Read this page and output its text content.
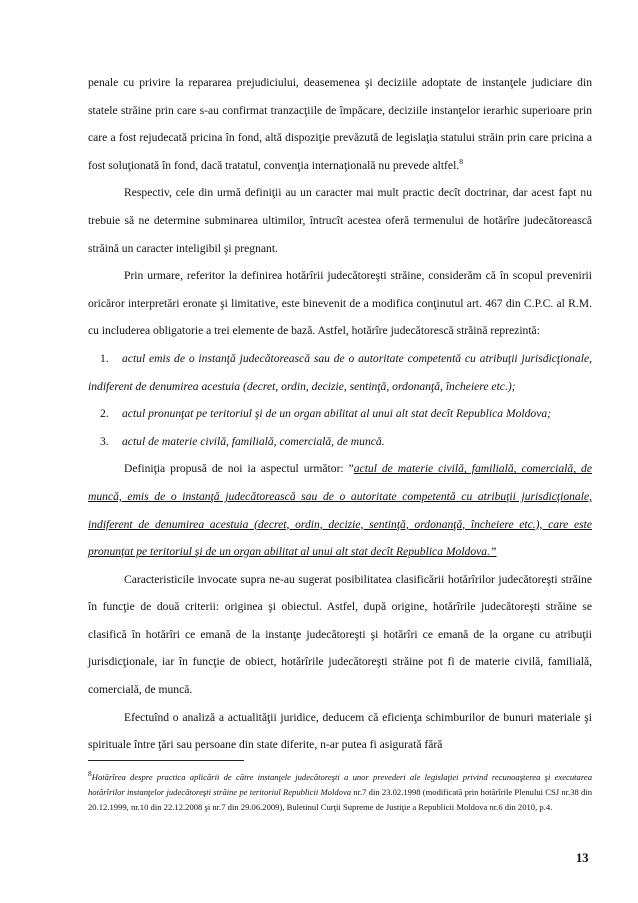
penale cu privire la repararea prejudiciului, deasemenea şi deciziile adoptate de instanţele judiciare din statele străine prin care s-au confirmat tranzacţiile de împăcare, deciziile instanţelor ierarhic superioare prin care a fost rejudecată pricina în fond, altă dispoziţie prevăzută de legislaţia statului străin prin care pricina a fost soluţionată în fond, dacă tratatul, convenţia internaţională nu prevede altfel.$^8$

Respectiv, cele din urmă definiţii au un caracter mai mult practic decît doctrinar, dar acest fapt nu trebuie să ne determine subminarea ultimilor, întrucît acestea oferă termenului de hotărîre judecătorească străină un caracter inteligibil şi pregnant.

Prin urmare, referitor la definirea hotărîrii judecătoreşti străine, considerăm că în scopul prevenirii oricăror interpretări eronate şi limitative, este binevenit de a modifica conţinutul art. 467 din C.P.C. al R.M. cu includerea obligatorie a trei elemente de bază. Astfel, hotărîre judecătorescă străină reprezintă:

1. actul emis de o instanţă judecătorească sau de o autoritate competentă cu atribuţii jurisdicţionale, indiferent de denumirea acestuia (decret, ordin, decizie, sentinţă, ordonanţă, încheiere etc.);

2. actul pronunţat pe teritoriul şi de un organ abilitat al unui alt stat decît Republica Moldova;

3. actul de materie civilă, familială, comercială, de muncă.

Definiţia propusă de noi ia aspectul următor: ”actul de materie civilă, familială, comercială, de muncă, emis de o instanţă judecătorească sau de o autoritate competentă cu atribuţii jurisdicţionale, indiferent de denumirea acestuia (decret, ordin, decizie, sentinţă, ordonanţă, încheiere etc.), care este pronunţat pe teritoriul şi de un organ abilitat al unui alt stat decît Republica Moldova.”

Caracteristicile invocate supra ne-au sugerat posibilitatea clasificării hotărîrilor judecătoreşti străine în funcţie de două criterii: originea şi obiectul. Astfel, după origine, hotărîrile judecătoreşti străine se clasifică în hotărîri ce emană de la instanţe judecătoreşti şi hotărîri ce emană de la organe cu atribuţii jurisdicţionale, iar în funcţie de obiect, hotărîrile judecătoreşti străine pot fi de materie civilă, familială, comercială, de muncă.

Efectuînd o analiză a actualităţii juridice, deducem că eficienţa schimburilor de bunuri materiale şi spirituale între ţări sau persoane din state diferite, n-ar putea fi asigurată fără

$^8$Hotărîrea despre practica aplicării de către instanţele judecătoreşti a unor prevederi ale legislaţiei privind recunoaşterea şi executarea hotărîrilor instanţelor judecătoreşti străine pe teritoriul Republicii Moldova nr.7 din 23.02.1998 (modificată prin hotărîrile Plenului CSJ nr.38 din 20.12.1999, nr.10 din 22.12.2008 şi nr.7 din 29.06.2009), Buletinul Curţii Supreme de Justiţie a Republicii Moldova nr.6 din 2010, p.4.
13
